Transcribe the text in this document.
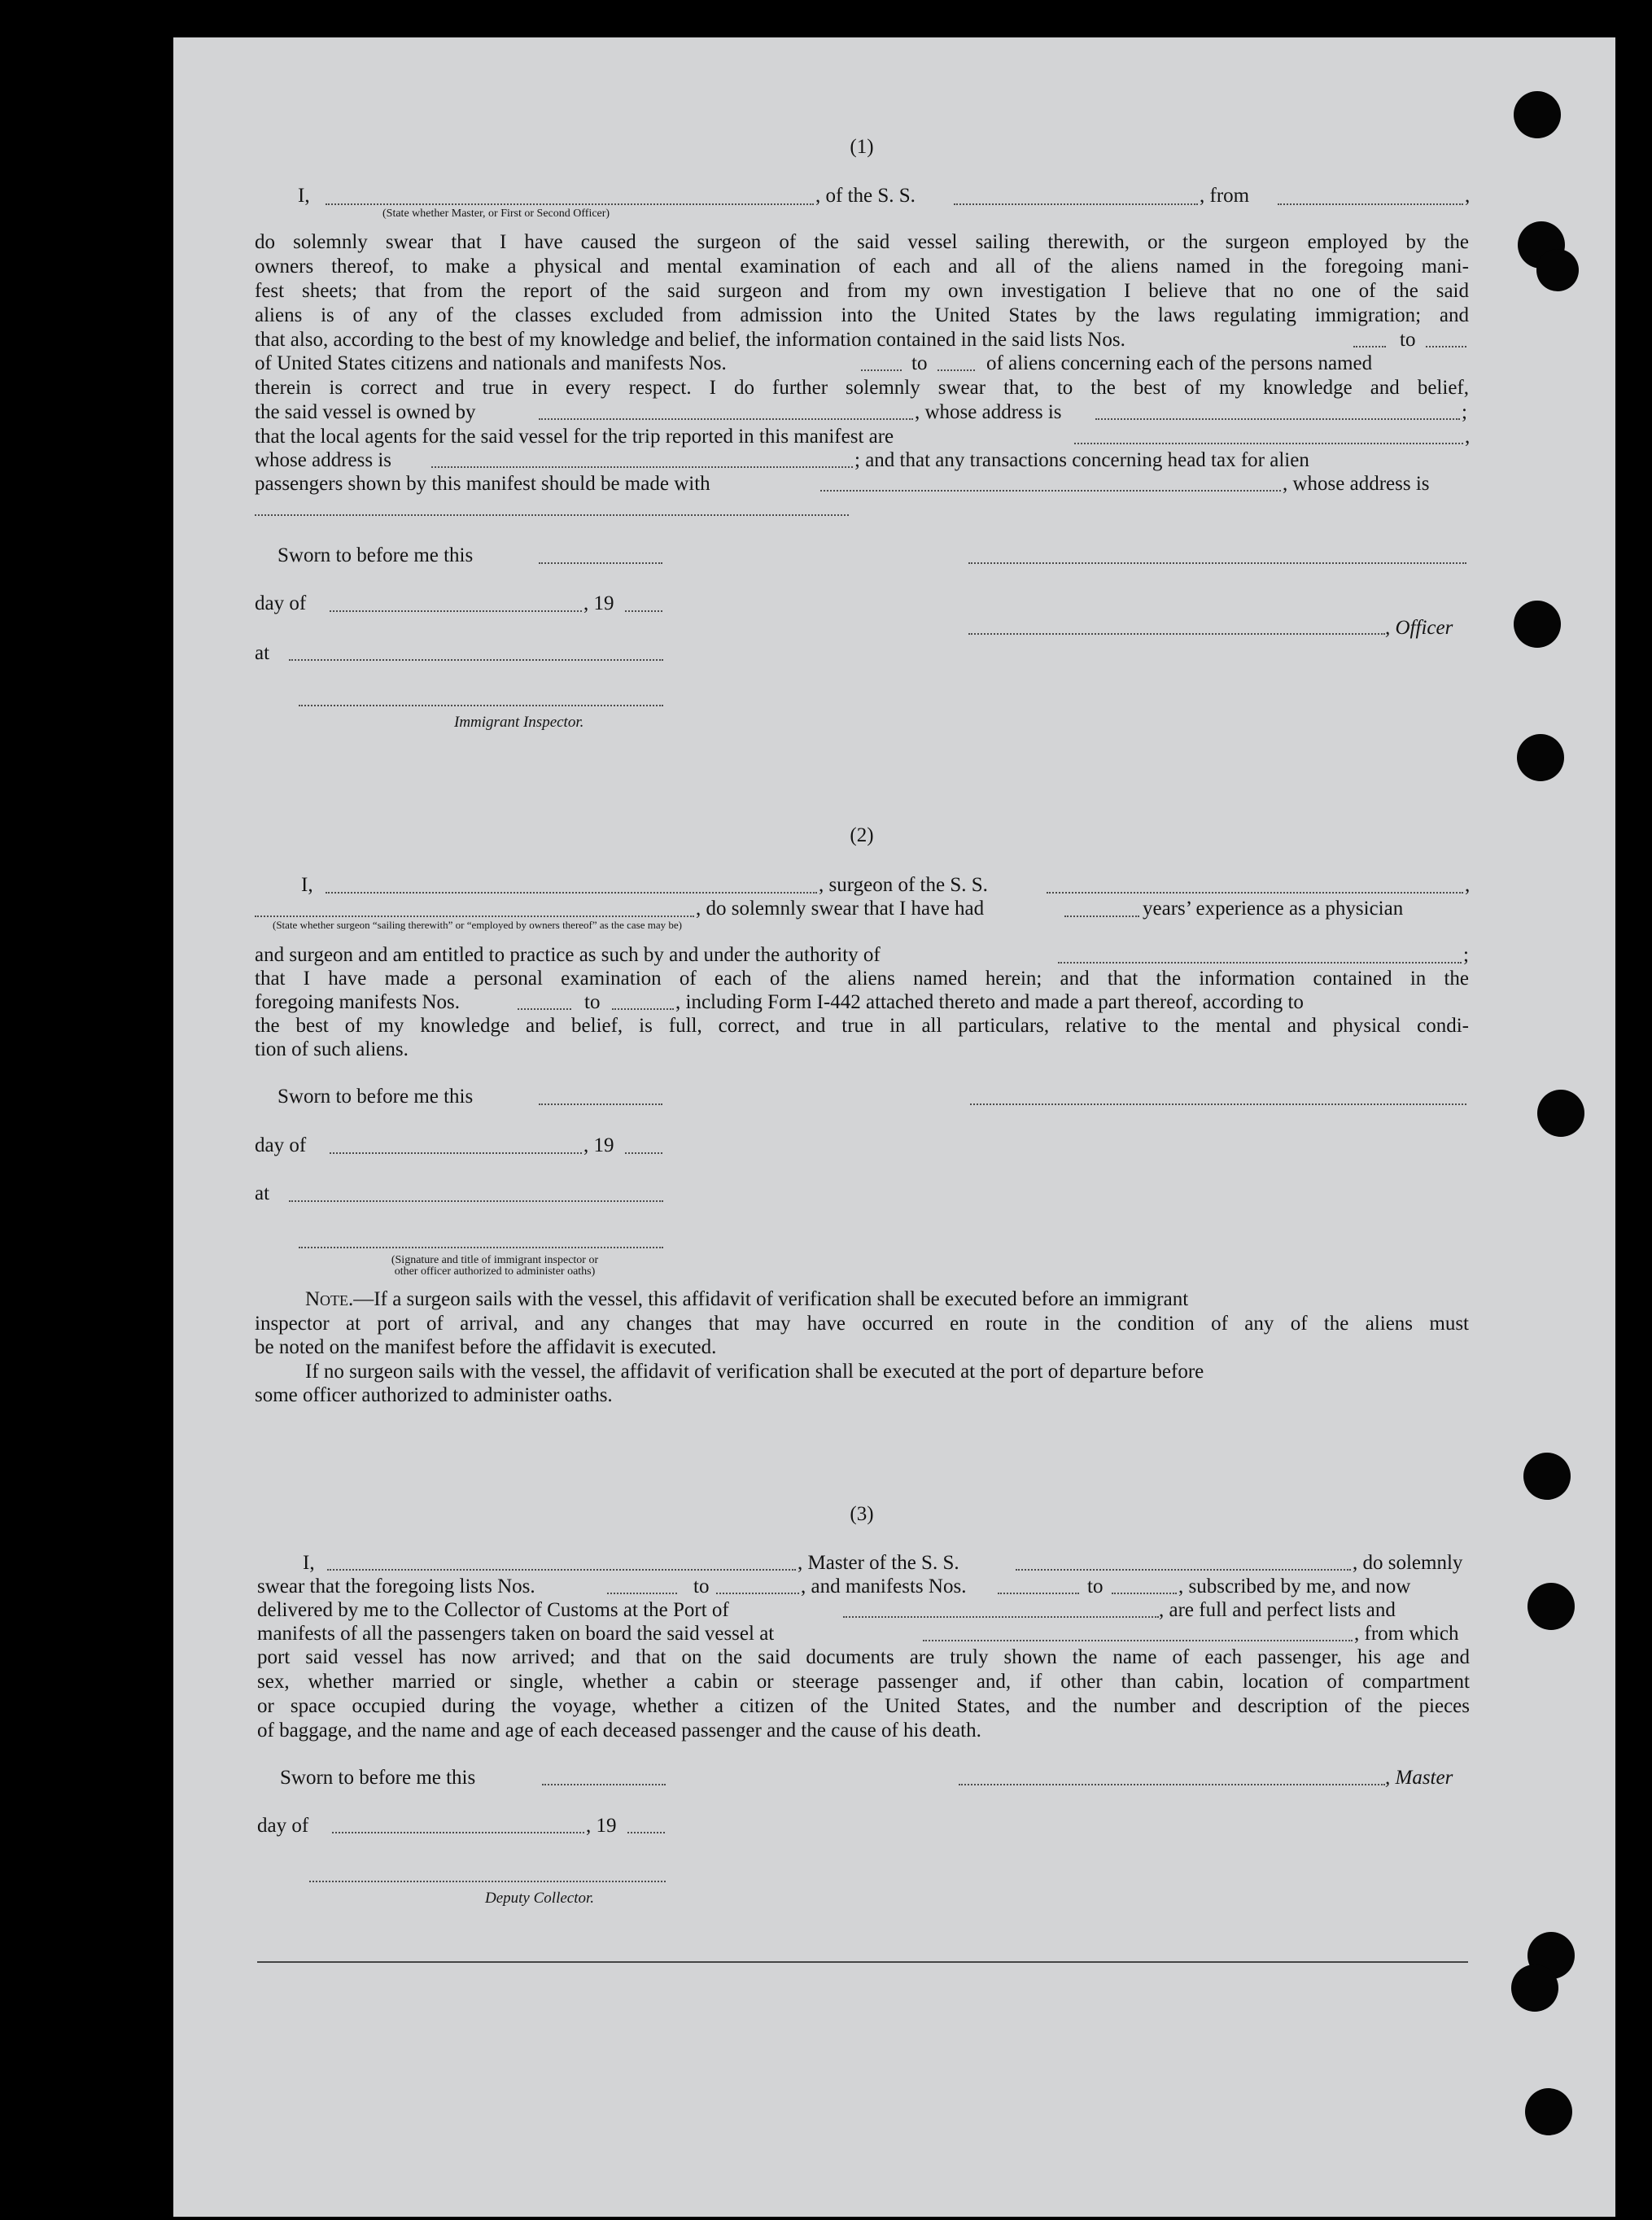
(1)
I,	, of the S. S.	, from	,
(State whether Master, or First or Second Officer)
do solemnly swear that I have caused the surgeon of the said vessel sailing therewith, or the surgeon employed by the
owners thereof, to make a physical and mental examination of each and all of the aliens named in the foregoing mani-
fest sheets; that from the report of the said surgeon and from my own investigation I believe that no one of the said
aliens is of any of the classes excluded from admission into the United States by the laws regulating immigration; and
that also, according to the best of my knowledge and belief, the information contained in the said lists Nos.	to
of United States citizens and nationals and manifests Nos.	to	of aliens concerning each of the persons named
therein is correct and true in every respect. I do further solemnly swear that, to the best of my knowledge and belief,
the said vessel is owned by	, whose address is	;
that the local agents for the said vessel for the trip reported in this manifest are	,
whose address is	; and that any transactions concerning head tax for alien
passengers shown by this manifest should be made with	, whose address is
Sworn to before me this
day of	, 19
, Officer
at
Immigrant Inspector.
(2)
I,	, surgeon of the S. S.	,
, do solemnly swear that I have had	years’ experience as a physician
(State whether surgeon “sailing therewith” or “employed by owners thereof” as the case may be)
and surgeon and am entitled to practice as such by and under the authority of	;
that I have made a personal examination of each of the aliens named herein; and that the information contained in the
foregoing manifests Nos.	to	, including Form I-442 attached thereto and made a part thereof, according to
the best of my knowledge and belief, is full, correct, and true in all particulars, relative to the mental and physical condi-
tion of such aliens.
Sworn to before me this
day of	, 19
at
(Signature and title of immigrant inspector or
other officer authorized to administer oaths)
Note.—If a surgeon sails with the vessel, this affidavit of verification shall be executed before an immigrant
inspector at port of arrival, and any changes that may have occurred en route in the condition of any of the aliens must
be noted on the manifest before the affidavit is executed.
If no surgeon sails with the vessel, the affidavit of verification shall be executed at the port of departure before
some officer authorized to administer oaths.
(3)
I,	, Master of the S. S.	, do solemnly
swear that the foregoing lists Nos.	to	, and manifests Nos.	to	, subscribed by me, and now
delivered by me to the Collector of Customs at the Port of	, are full and perfect lists and
manifests of all the passengers taken on board the said vessel at	, from which
port said vessel has now arrived; and that on the said documents are truly shown the name of each passenger, his age and
sex, whether married or single, whether a cabin or steerage passenger and, if other than cabin, location of compartment
or space occupied during the voyage, whether a citizen of the United States, and the number and description of the pieces
of baggage, and the name and age of each deceased passenger and the cause of his death.
Sworn to before me this	, Master
day of	, 19
Deputy Collector.
